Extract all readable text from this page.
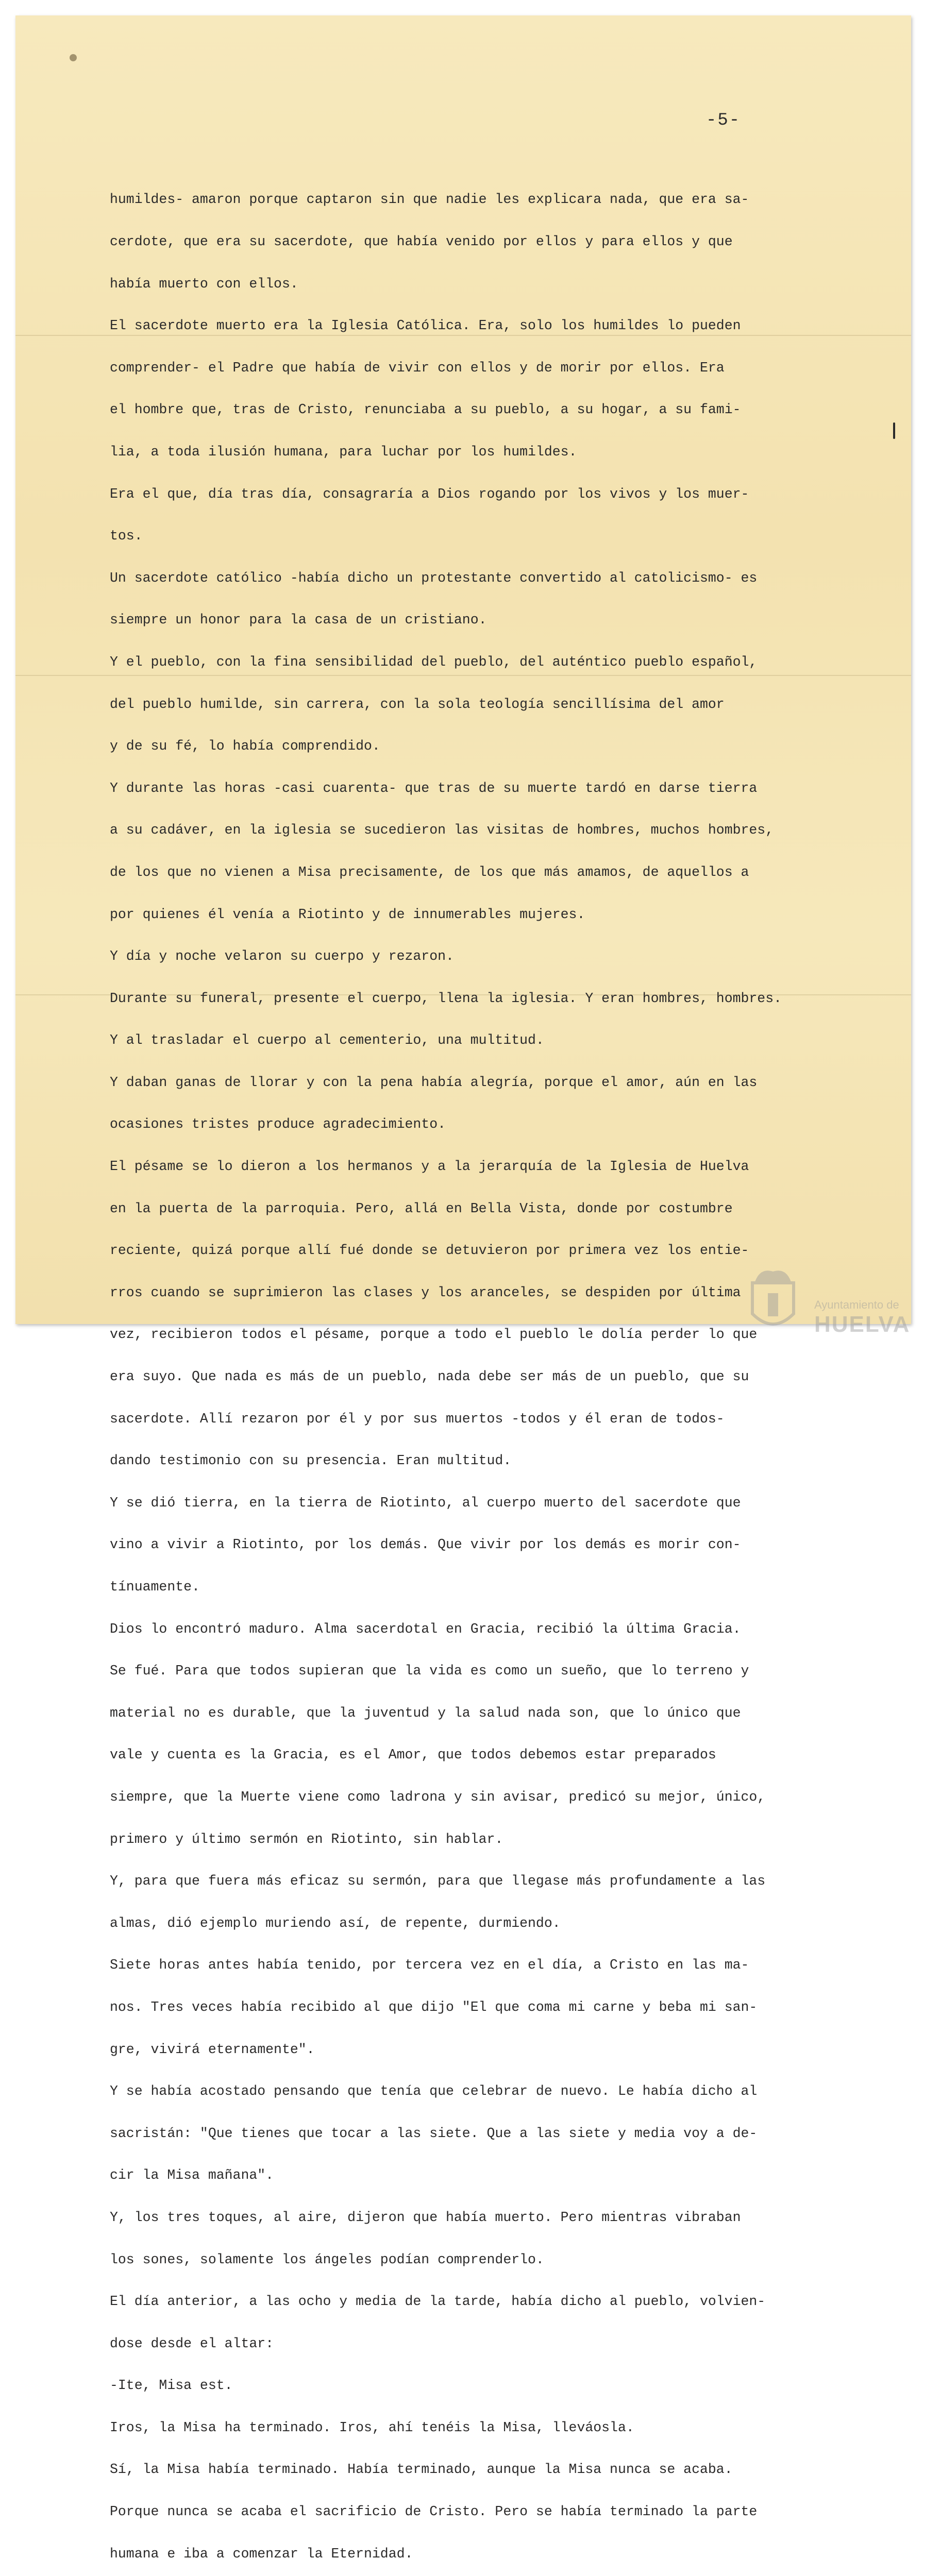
-5-

humildes- amaron porque captaron sin que nadie les explicara nada, que era sa-

cerdote, que era su sacerdote, que había venido por ellos y para ellos y que

había muerto con ellos.

El sacerdote muerto era la Iglesia Católica. Era, solo los humildes lo pueden

comprender- el Padre que había de vivir con ellos y de morir por ellos. Era

el hombre que, tras de Cristo, renunciaba a su pueblo, a su hogar, a su fami-

lia, a toda ilusión humana, para luchar por los humildes.

Era el que, día tras día, consagraría a Dios rogando por los vivos y los muer-

tos.

Un sacerdote católico -había dicho un protestante convertido al catolicismo- es

siempre un honor para la casa de un cristiano.

Y el pueblo, con la fina sensibilidad del pueblo, del auténtico pueblo español,

del pueblo humilde, sin carrera, con la sola teología sencillísima del amor

y de su fé, lo había comprendido.

Y durante las horas -casi cuarenta- que tras de su muerte tardó en darse tierra

a su cadáver, en la iglesia se sucedieron las visitas de hombres, muchos hombres,

de los que no vienen a Misa precisamente, de los que más amamos, de aquellos a

por quienes él venía a Riotinto y de innumerables mujeres.

Y día y noche velaron su cuerpo y rezaron.

Durante su funeral, presente el cuerpo, llena la iglesia. Y eran hombres, hombres.

Y al trasladar el cuerpo al cementerio, una multitud.

Y daban ganas de llorar y con la pena había alegría, porque el amor, aún en las

ocasiones tristes produce agradecimiento.

El pésame se lo dieron a los hermanos y a la jerarquía de la Iglesia de Huelva

en la puerta de la parroquia. Pero, allá en Bella Vista, donde por costumbre

reciente, quizá porque allí fué donde se detuvieron por primera vez los entie-

rros cuando se suprimieron las clases y los aranceles, se despiden por última

vez, recibieron todos el pésame, porque a todo el pueblo le dolía perder lo que

era suyo. Que nada es más de un pueblo, nada debe ser más de un pueblo, que su

sacerdote. Allí rezaron por él y por sus muertos -todos y él eran de todos-

dando testimonio con su presencia. Eran multitud.

Y se dió tierra, en la tierra de Riotinto, al cuerpo muerto del sacerdote que

vino a vivir a Riotinto, por los demás. Que vivir por los demás es morir con-

tínuamente.

Dios lo encontró maduro. Alma sacerdotal en Gracia, recibió la última Gracia.

Se fué. Para que todos supieran que la vida es como un sueño, que lo terreno y

material no es durable, que la juventud y la salud nada son, que lo único que

vale y cuenta es la Gracia, es el Amor, que todos debemos estar preparados

siempre, que la Muerte viene como ladrona y sin avisar, predicó su mejor, único,

primero y último sermón en Riotinto, sin hablar.

Y, para que fuera más eficaz su sermón, para que llegase más profundamente a las

almas, dió ejemplo muriendo así, de repente, durmiendo.

Siete horas antes había tenido, por tercera vez en el día, a Cristo en las ma-

nos. Tres veces había recibido al que dijo "El que coma mi carne y beba mi san-

gre, vivirá eternamente".

Y se había acostado pensando que tenía que celebrar de nuevo. Le había dicho al

sacristán: "Que tienes que tocar a las siete. Que a las siete y media voy a de-

cir la Misa mañana".

Y, los tres toques, al aire, dijeron que había muerto. Pero mientras vibraban

los sones, solamente los ángeles podían comprenderlo.

El día anterior, a las ocho y media de la tarde, había dicho al pueblo, volvien-

dose desde el altar:

-Ite, Misa est.

Iros, la Misa ha terminado. Iros, ahí tenéis la Misa, lleváosla.

Sí, la Misa había terminado. Había terminado, aunque la Misa nunca se acaba.

Porque nunca se acaba el sacrificio de Cristo. Pero se había terminado la parte

humana e iba a comenzar la Eternidad.

Ayuntamiento de
HUELVA
